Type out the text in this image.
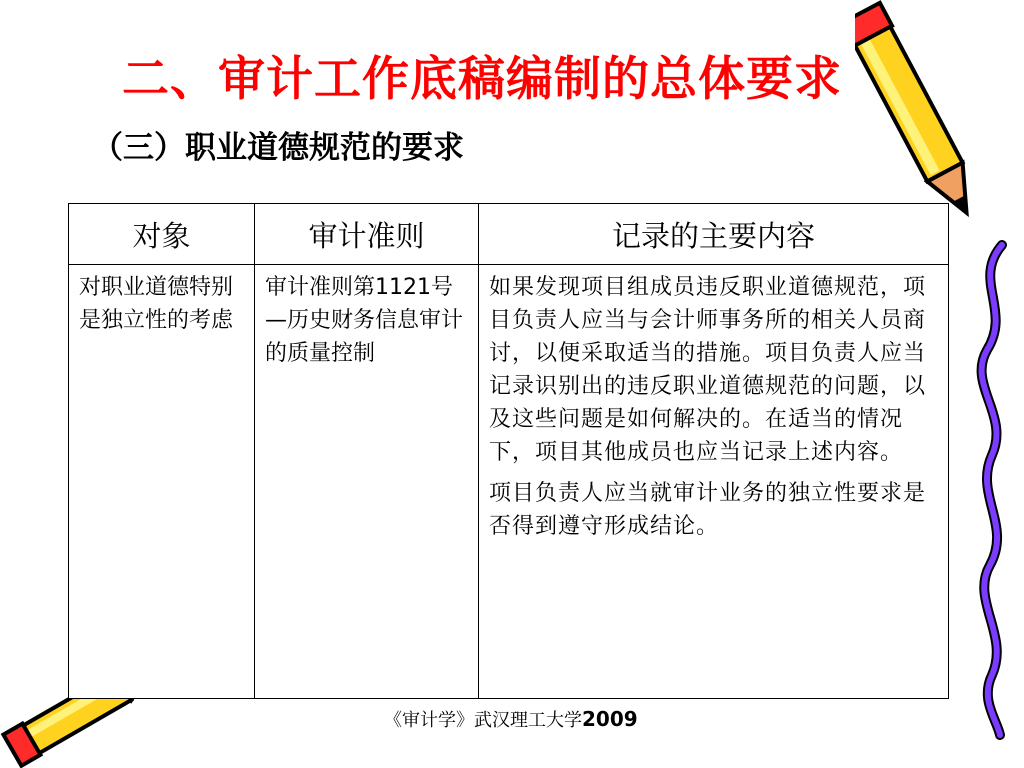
二、审计工作底稿编制的总体要求
（三）职业道德规范的要求
对象	审计准则	记录的主要内容
对职业道德特别是独立性的考虑	审计准则第1121号—历史财务信息审计的质量控制	如果发现项目组成员违反职业道德规范，项目负责人应当与会计师事务所的相关人员商讨，以便采取适当的措施。项目负责人应当记录识别出的违反职业道德规范的问题，以及这些问题是如何解决的。在适当的情况下，项目其他成员也应当记录上述内容。

项目负责人应当就审计业务的独立性要求是否得到遵守形成结论。

《审计学》武汉理工大学2009
